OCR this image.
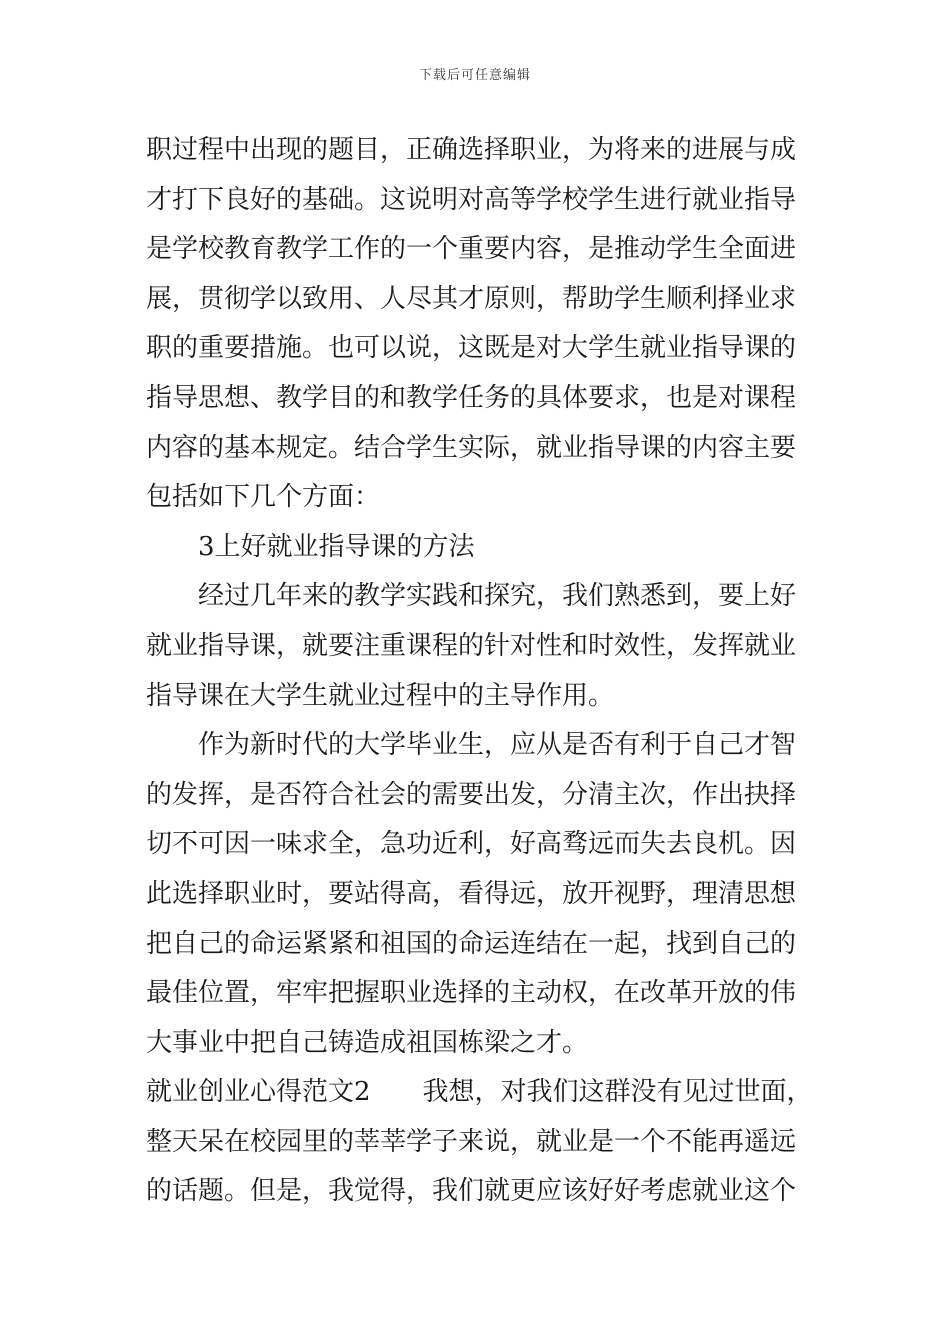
下载后可任意编辑
职过程中出现的题目，正确选择职业，为将来的进展与成
才打下良好的基础。这说明对高等学校学生进行就业指导
是学校教育教学工作的一个重要内容，是推动学生全面进
展，贯彻学以致用、人尽其才原则，帮助学生顺利择业求
职的重要措施。也可以说，这既是对大学生就业指导课的
指导思想、教学目的和教学任务的具体要求，也是对课程
内容的基本规定。结合学生实际，就业指导课的内容主要
包括如下几个方面：
3上好就业指导课的方法
经过几年来的教学实践和探究，我们熟悉到，要上好
就业指导课，就要注重课程的针对性和时效性，发挥就业
指导课在大学生就业过程中的主导作用。
作为新时代的大学毕业生，应从是否有利于自己才智
的发挥，是否符合社会的需要出发，分清主次，作出抉择
切不可因一味求全，急功近利，好高骛远而失去良机。因
此选择职业时，要站得高，看得远，放开视野，理清思想
把自己的命运紧紧和祖国的命运连结在一起，找到自己的
最佳位置，牢牢把握职业选择的主动权，在改革开放的伟
大事业中把自己铸造成祖国栋梁之才。
就业创业心得范文2 我想，对我们这群没有见过世面，
整天呆在校园里的莘莘学子来说，就业是一个不能再遥远
的话题。但是，我觉得，我们就更应该好好考虑就业这个
